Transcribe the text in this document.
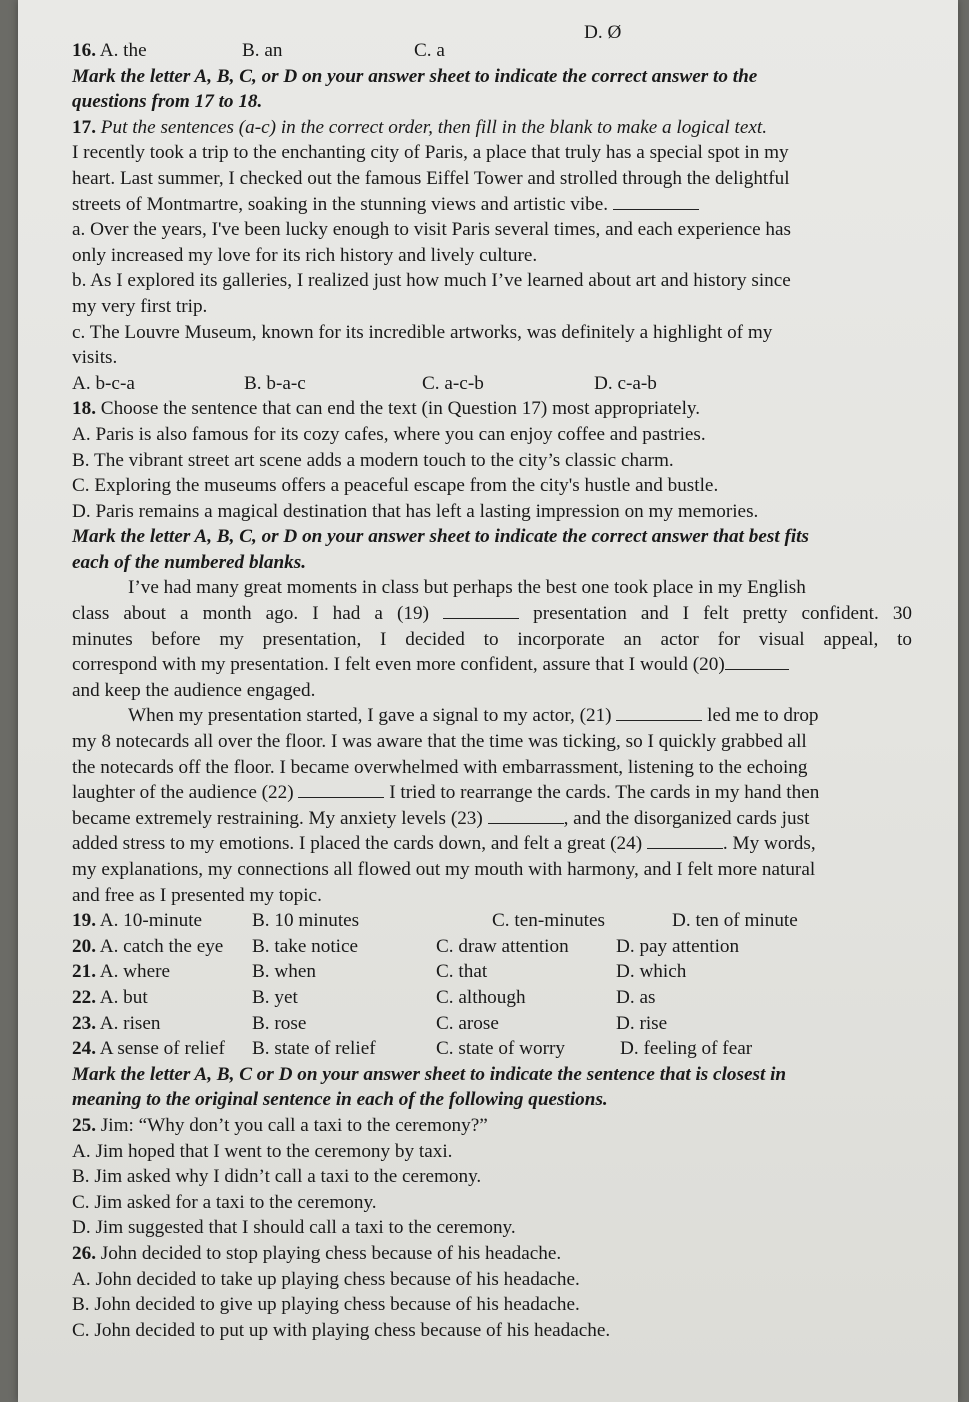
16. A. the	B. an	C. a
D. Ø
Mark the letter A, B, C, or D on your answer sheet to indicate the correct answer to the
questions from 17 to 18.
17. Put the sentences (a-c) in the correct order, then fill in the blank to make a logical text.
I recently took a trip to the enchanting city of Paris, a place that truly has a special spot in my
heart. Last summer, I checked out the famous Eiffel Tower and strolled through the delightful
streets of Montmartre, soaking in the stunning views and artistic vibe.
a. Over the years, I've been lucky enough to visit Paris several times, and each experience has
only increased my love for its rich history and lively culture.
b. As I explored its galleries, I realized just how much I’ve learned about art and history since
my very first trip.
c. The Louvre Museum, known for its incredible artworks, was definitely a highlight of my
visits.
A. b-c-a	B. b-a-c	C. a-c-b	D. c-a-b
18. Choose the sentence that can end the text (in Question 17) most appropriately.
A. Paris is also famous for its cozy cafes, where you can enjoy coffee and pastries.
B. The vibrant street art scene adds a modern touch to the city’s classic charm.
C. Exploring the museums offers a peaceful escape from the city's hustle and bustle.
D. Paris remains a magical destination that has left a lasting impression on my memories.
Mark the letter A, B, C, or D on your answer sheet to indicate the correct answer that best fits
each of the numbered blanks.
I’ve had many great moments in class but perhaps the best one took place in my English
class about a month ago. I had a (19)	presentation and I felt pretty confident. 30
minutes before my presentation, I decided to incorporate an actor for visual appeal, to
correspond with my presentation. I felt even more confident, assure that I would (20)
and keep the audience engaged.
When my presentation started, I gave a signal to my actor, (21)	led me to drop
my 8 notecards all over the floor. I was aware that the time was ticking, so I quickly grabbed all
the notecards off the floor. I became overwhelmed with embarrassment, listening to the echoing
laughter of the audience (22)	I tried to rearrange the cards. The cards in my hand then
became extremely restraining. My anxiety levels (23)	, and the disorganized cards just
added stress to my emotions. I placed the cards down, and felt a great (24)	. My words,
my explanations, my connections all flowed out my mouth with harmony, and I felt more natural
and free as I presented my topic.
19. A. 10-minute	B. 10 minutes	C. ten-minutes	D. ten of minute
20. A. catch the eye	B. take notice	C. draw attention	D. pay attention
21. A. where	B. when	C. that	D. which
22. A. but	B. yet	C. although	D. as
23. A. risen	B. rose	C. arose	D. rise
24. A sense of relief	B. state of relief	C. state of worry	D. feeling of fear
Mark the letter A, B, C or D on your answer sheet to indicate the sentence that is closest in
meaning to the original sentence in each of the following questions.
25. Jim: “Why don’t you call a taxi to the ceremony?”
A. Jim hoped that I went to the ceremony by taxi.
B. Jim asked why I didn’t call a taxi to the ceremony.
C. Jim asked for a taxi to the ceremony.
D. Jim suggested that I should call a taxi to the ceremony.
26. John decided to stop playing chess because of his headache.
A. John decided to take up playing chess because of his headache.
B. John decided to give up playing chess because of his headache.
C. John decided to put up with playing chess because of his headache.
